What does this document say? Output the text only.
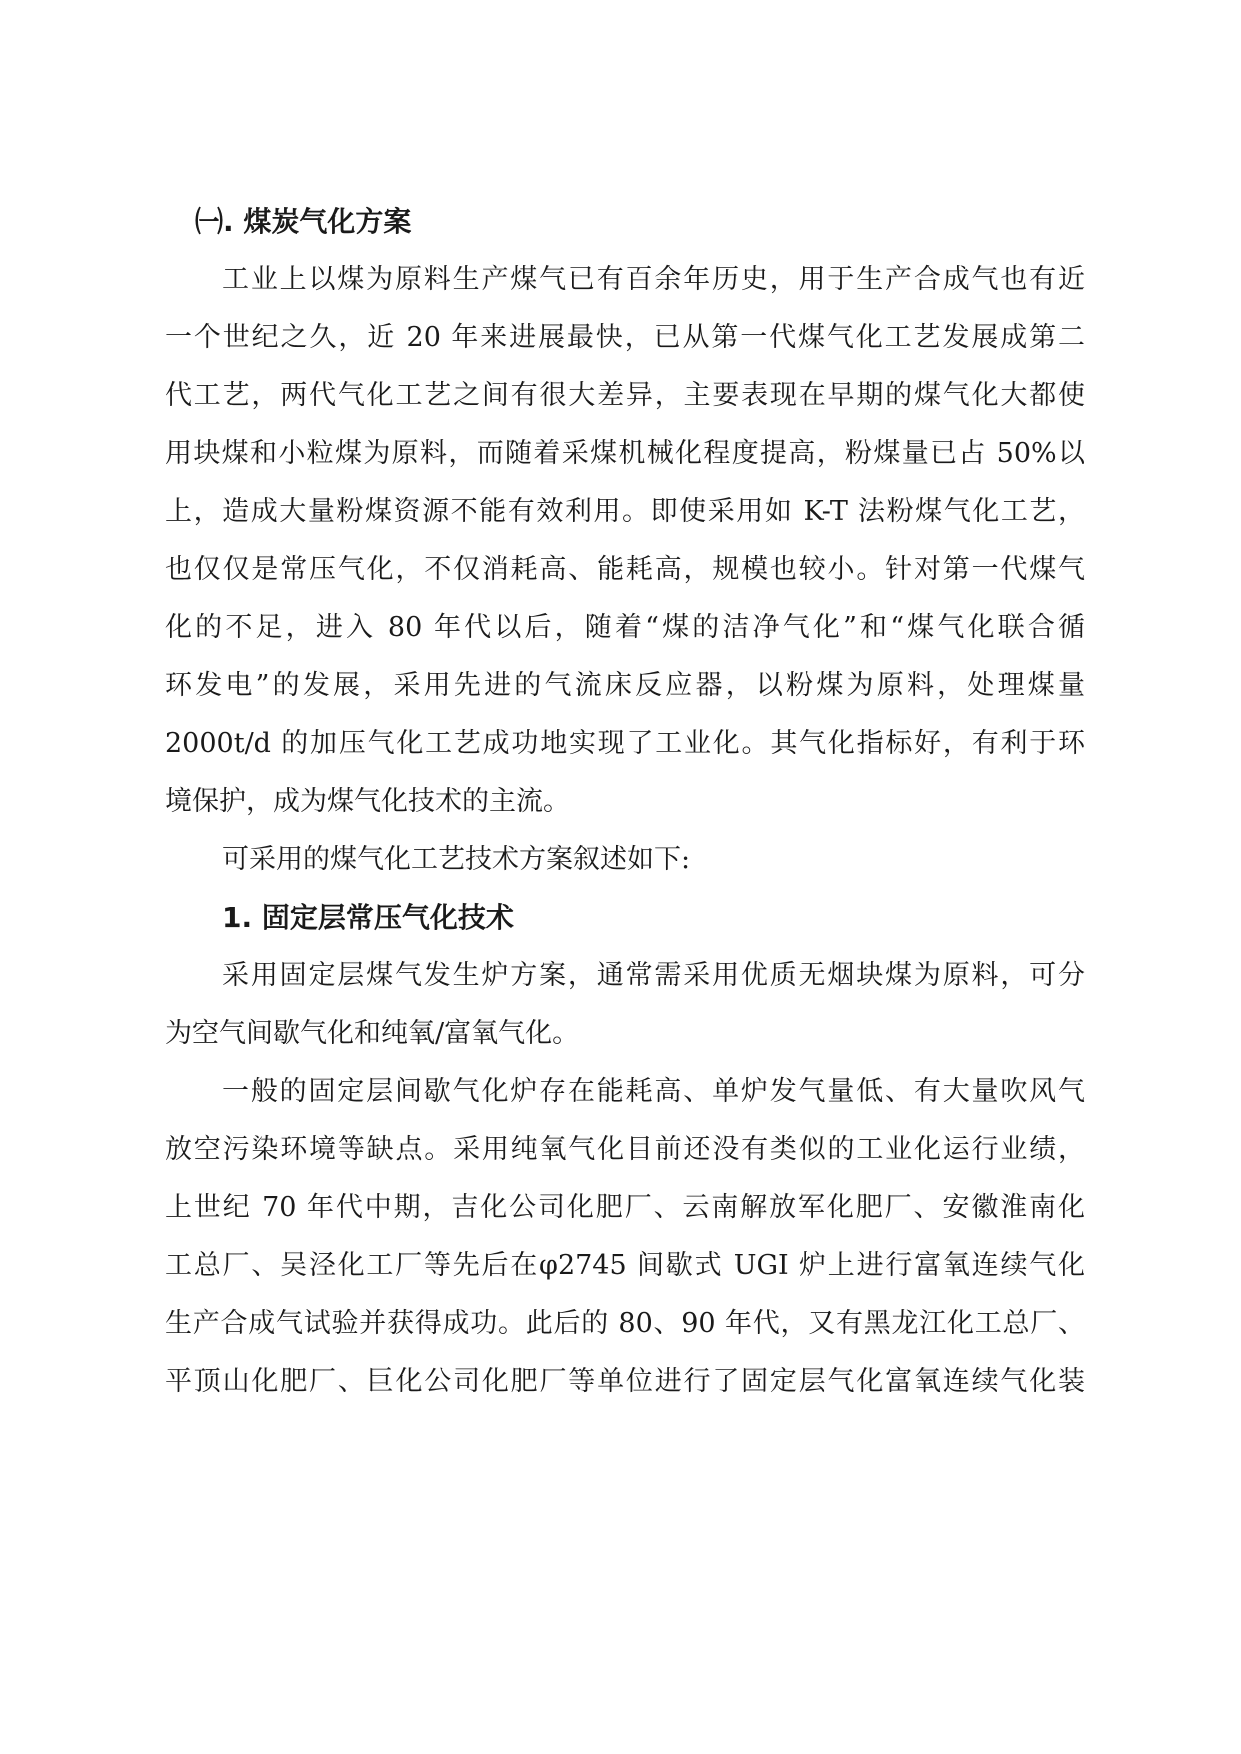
㈠. 煤炭气化方案
工业上以煤为原料生产煤气已有百余年历史，用于生产合成气也有近
一个世纪之久，近 20 年来进展最快，已从第一代煤气化工艺发展成第二
代工艺，两代气化工艺之间有很大差异，主要表现在早期的煤气化大都使
用块煤和小粒煤为原料，而随着采煤机械化程度提高，粉煤量已占 50%以
上，造成大量粉煤资源不能有效利用。即使采用如 K-T 法粉煤气化工艺，
也仅仅是常压气化，不仅消耗高、能耗高，规模也较小。针对第一代煤气
化的不足，进入 80 年代以后，随着“煤的洁净气化”和“煤气化联合循
环发电”的发展，采用先进的气流床反应器，以粉煤为原料，处理煤量
2000t/d 的加压气化工艺成功地实现了工业化。其气化指标好，有利于环
境保护，成为煤气化技术的主流。
可采用的煤气化工艺技术方案叙述如下:
1. 固定层常压气化技术
采用固定层煤气发生炉方案，通常需采用优质无烟块煤为原料，可分
为空气间歇气化和纯氧/富氧气化。
一般的固定层间歇气化炉存在能耗高、单炉发气量低、有大量吹风气
放空污染环境等缺点。采用纯氧气化目前还没有类似的工业化运行业绩，
上世纪 70 年代中期，吉化公司化肥厂、云南解放军化肥厂、安徽淮南化
工总厂、吴泾化工厂等先后在φ2745 间歇式 UGI 炉上进行富氧连续气化
生产合成气试验并获得成功。此后的 80、90 年代，又有黑龙江化工总厂、
平顶山化肥厂、巨化公司化肥厂等单位进行了固定层气化富氧连续气化装
